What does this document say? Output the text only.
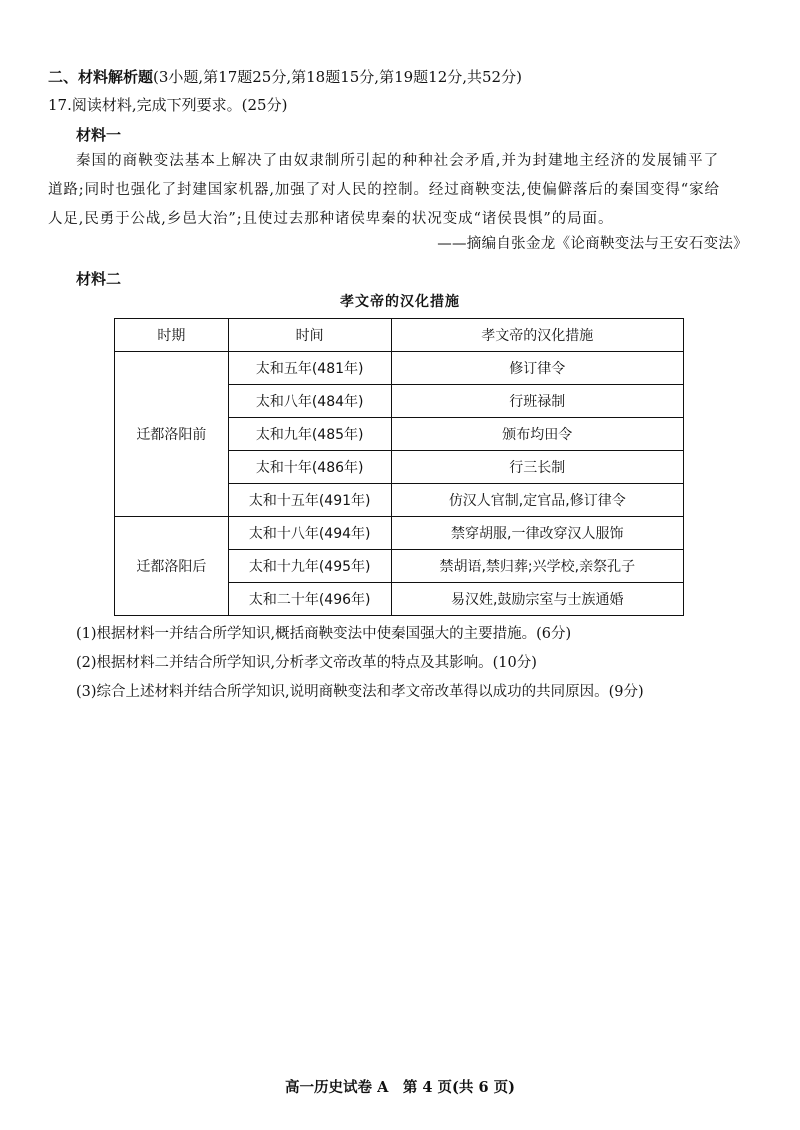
二、材料解析题(3小题,第17题25分,第18题15分,第19题12分,共52分)
17.阅读材料,完成下列要求。(25分)
材料一
秦国的商鞅变法基本上解决了由奴隶制所引起的种种社会矛盾,并为封建地主经济的发展铺平了
道路;同时也强化了封建国家机器,加强了对人民的控制。经过商鞅变法,使偏僻落后的秦国变得“家给
人足,民勇于公战,乡邑大治”;且使过去那种诸侯卑秦的状况变成“诸侯畏惧”的局面。
——摘编自张金龙《论商鞅变法与王安石变法》
材料二
孝文帝的汉化措施
时期	时间	孝文帝的汉化措施
迁都洛阳前	太和五年(481年)	修订律令
	太和八年(484年)	行班禄制
	太和九年(485年)	颁布均田令
	太和十年(486年)	行三长制
	太和十五年(491年)	仿汉人官制,定官品,修订律令
迁都洛阳后	太和十八年(494年)	禁穿胡服,一律改穿汉人服饰
	太和十九年(495年)	禁胡语,禁归葬;兴学校,亲祭孔子
	太和二十年(496年)	易汉姓,鼓励宗室与士族通婚
(1)根据材料一并结合所学知识,概括商鞅变法中使秦国强大的主要措施。(6分)
(2)根据材料二并结合所学知识,分析孝文帝改革的特点及其影响。(10分)
(3)综合上述材料并结合所学知识,说明商鞅变法和孝文帝改革得以成功的共同原因。(9分)
高一历史试卷 A　第 4 页(共 6 页)
